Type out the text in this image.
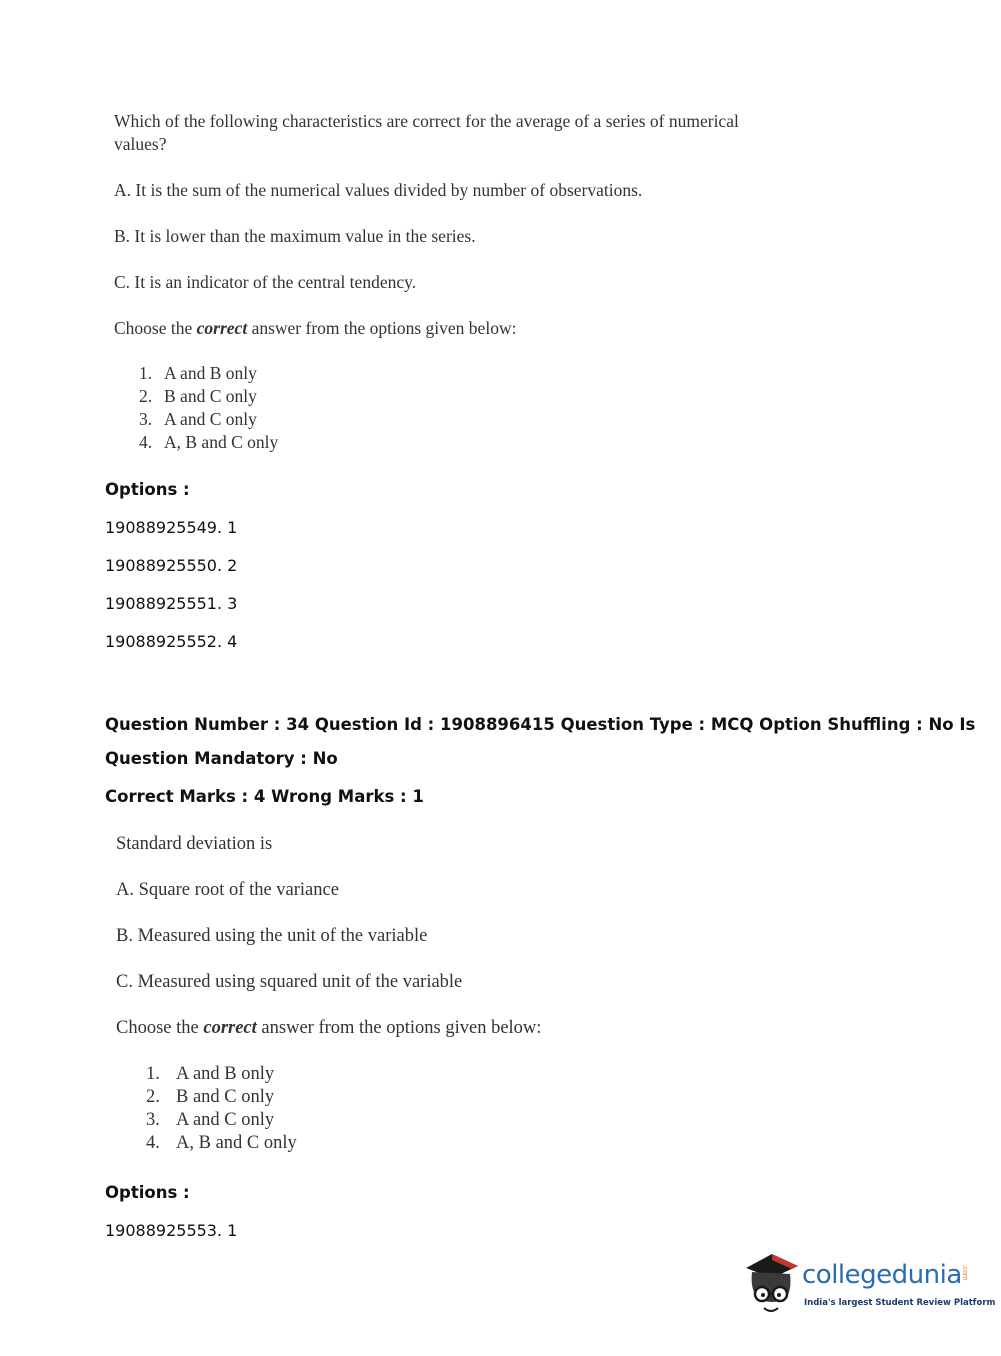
Which of the following characteristics are correct for the average of a series of numerical
values?
A. It is the sum of the numerical values divided by number of observations.
B. It is lower than the maximum value in the series.
C. It is an indicator of the central tendency.
Choose the correct answer from the options given below:
1. A and B only
2. B and C only
3. A and C only
4. A, B and C only
Options :
19088925549. 1
19088925550. 2
19088925551. 3
19088925552. 4
Question Number : 34 Question Id : 1908896415 Question Type : MCQ Option Shuffling : No Is
Question Mandatory : No
Correct Marks : 4 Wrong Marks : 1
Standard deviation is
A. Square root of the variance
B. Measured using the unit of the variable
C. Measured using squared unit of the variable
Choose the correct answer from the options given below:
1. A and B only
2. B and C only
3. A and C only
4. A, B and C only
Options :
19088925553. 1
collegedunia .com
India's largest Student Review Platform
